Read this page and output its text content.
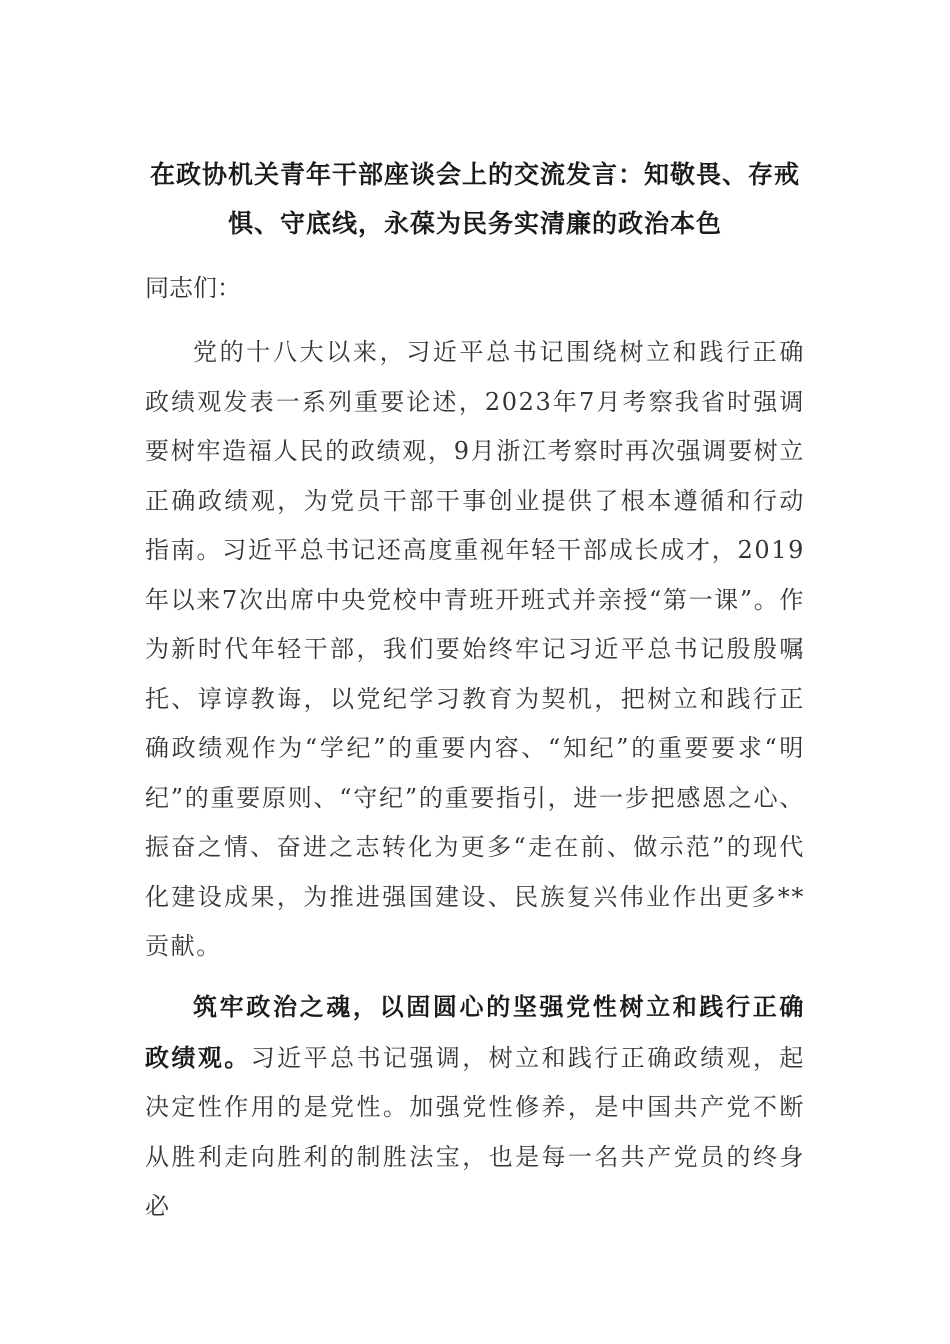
在政协机关青年干部座谈会上的交流发言：知敬畏、存戒惧、守底线，永葆为民务实清廉的政治本色

同志们：

党的十八大以来，习近平总书记围绕树立和践行正确政绩观发表一系列重要论述，2023年7月考察我省时强调要树牢造福人民的政绩观，9月浙江考察时再次强调要树立正确政绩观，为党员干部干事创业提供了根本遵循和行动指南。习近平总书记还高度重视年轻干部成长成才，2019年以来7次出席中央党校中青班开班式并亲授“第一课”。作为新时代年轻干部，我们要始终牢记习近平总书记殷殷嘱托、谆谆教诲，以党纪学习教育为契机，把树立和践行正确政绩观作为“学纪”的重要内容、“知纪”的重要要求“明纪”的重要原则、“守纪”的重要指引，进一步把感恩之心、振奋之情、奋进之志转化为更多“走在前、做示范”的现代化建设成果，为推进强国建设、民族复兴伟业作出更多**贡献。

筑牢政治之魂，以固圆心的坚强党性树立和践行正确政绩观。习近平总书记强调，树立和践行正确政绩观，起决定性作用的是党性。加强党性修养，是中国共产党不断从胜利走向胜利的制胜法宝，也是每一名共产党员的终身必
